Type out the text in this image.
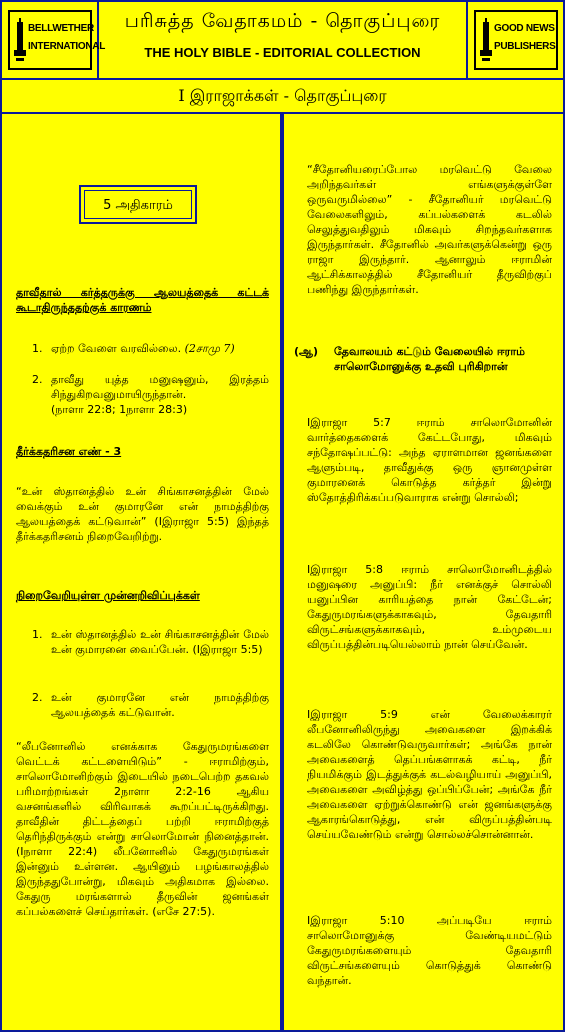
BELLWETHER INTERNATIONAL
பரிசுத்த வேதாகமம் - தொகுப்புரை
THE HOLY BIBLE - EDITORIAL COLLECTION
GOOD NEWS PUBLISHERS
I இராஜாக்கள் - தொகுப்புரை
5 அதிகாரம்
தாவீதால் கர்த்தருக்கு ஆலயத்தைக் கட்டக் கூடாதிருந்ததற்குக் காரணம்
1. ஏற்ற வேளை வரவில்லை. (2சாமு 7)
2. தாவீது யுத்த மனுஷனும், இரத்தம் சிந்துகிறவனுமாயிருந்தான்.
(நாளா 22:8; 1நாளா 28:3)
தீர்க்கதரிசன எண் - 3
“உன் ஸ்தானத்தில் உன் சிங்காசனத்தின் மேல் வைக்கும் உன் குமாரனே என் நாமத்திற்கு ஆலயத்தைக் கட்டுவான்” (Iஇராஜா 5:5) இந்தத் தீர்க்கதரிசனம் நிறைவேறிற்று.
நிறைவேறியுள்ள முன்னறிவிப்புக்கள்
1. உன் ஸ்தானத்தில் உன் சிங்காசனத்தின் மேல் உன் குமாரனை வைப்பேன். (Iஇராஜா 5:5)
2. உன் குமாரனே என் நாமத்திற்கு ஆலயத்தைக் கட்டுவான்.
“லீபனோனில் எனக்காக கேதுருமரங்களை வெட்டக் கட்டளையிடும்” - ஈராமிற்கும், சாலொமோனிற்கும் இடையில் நடைபெற்ற தகவல் பரிமாற்றங்கள் 2நாளா 2:2-16 ஆகிய வசனங்களில் விரிவாகக் கூறப்பட்டிருக்கிறது. தாவீதின் திட்டத்தைப் பற்றி ஈராமிற்குத் தெரிந்திருக்கும் என்று சாலொமோன் நினைத்தான். (Iநாளா 22:4) லீபனோனில் கேதுருமரங்கள் இன்னும் உள்ளன. ஆயினும் பழங்காலத்தில் இருந்ததுபோன்று, மிகவும் அதிகமாக இல்லை. கேதுரு மரங்களால் தீருவின் ஜனங்கள் கப்பல்களைச் செய்தார்கள். (எசே 27:5).
“சீதோனியரைப்போல மரவெட்டு வேலை அறிந்தவர்கள் எங்களுக்குள்ளே ஒருவருமில்லை” - சீதோனியர் மரவெட்டு வேலைகளிலும், கப்பல்களைக் கடலில் செலுத்துவதிலும் மிகவும் சிறந்தவர்களாக இருந்தார்கள். சீதோனில் அவர்களுக்கென்று ஒரு ராஜா இருந்தார். ஆனாலும் ஈராமின் ஆட்சிக்காலத்தில் சீதோனியர் தீருவிற்குப் பணிந்து இருந்தார்கள்.
(ஆ)	தேவாலயம் கட்டும் வேலையில் ஈராம் சாலொமோனுக்கு உதவி புரிகிறான்
Iஇராஜா 5:7 ஈராம் சாலொமோனின் வார்த்தைகளைக் கேட்டபோது, மிகவும் சந்தோஷப்பட்டு: அந்த ஏராளமான ஜனங்களை ஆளும்படி, தாவீதுக்கு ஒரு ஞானமுள்ள குமாரனைக் கொடுத்த கர்த்தர் இன்று ஸ்தோத்திரிக்கப்படுவாராக என்று சொல்லி;
Iஇராஜா 5:8 ஈராம் சாலொமோனிடத்தில் மனுஷரை அனுப்பி: நீர் எனக்குச் சொல்லி யனுப்பின காரியத்தை நான் கேட்டேன்; கேதுருமரங்களுக்காகவும், தேவதாரி விருட்சங்களுக்காகவும், உம்முடைய விருப்பத்தின்படியெல்லாம் நான் செய்வேன்.
Iஇராஜா 5:9 என் வேலைக்காரர் லீபனோனிலிருந்து அவைகளை இறக்கிக் கடலிலே கொண்டுவருவார்கள்; அங்கே நான் அவைகளைத் தெப்பங்களாகக் கட்டி, நீர் நியமிக்கும் இடத்துக்குக் கடல்வழியாய் அனுப்பி, அவைகளை அவிழ்த்து ஒப்பிப்பேன்; அங்கே நீர் அவைகளை ஏற்றுக்கொண்டு என் ஜனங்களுக்கு ஆகாரங்கொடுத்து, என் விருப்பத்தின்படி செய்யவேண்டும் என்று சொல்லச்சொன்னான்.
Iஇராஜா 5:10 அப்படியே ஈராம் சாலொமோனுக்கு வேண்டியமட்டும் கேதுருமரங்களையும் தேவதாரி விருட்சங்களையும் கொடுத்துக் கொண்டு வந்தான்.
